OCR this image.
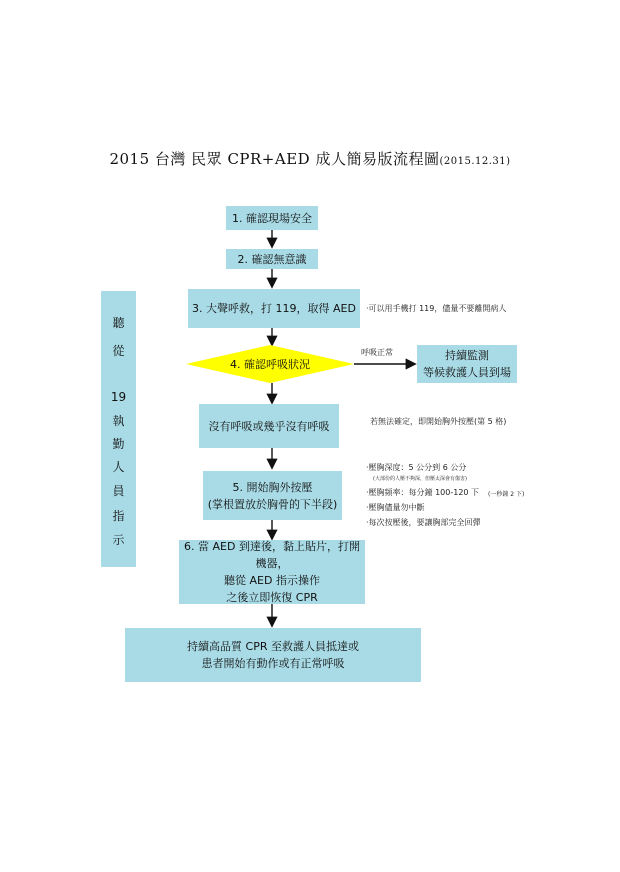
2015 台灣 民眾 CPR+AED 成人簡易版流程圖(2015.12.31)
1. 確認現場安全
2. 確認無意識
3. 大聲呼救，打 119，取得 AED
4. 確認呼吸狀況
持續監測
等候救護人員到場
沒有呼吸或幾乎沒有呼吸
5. 開始胸外按壓
(掌根置放於胸骨的下半段)
6. 當 AED 到達後，黏上貼片，打開機器，
聽從 AED 指示操作
之後立即恢復 CPR
持續高品質 CPR 至救護人員抵達或
患者開始有動作或有正常呼吸
聽
從
19
執
勤
人
員
指
示
呼吸正常
‧可以用手機打 119，儘量不要離開病人
若無法確定，即開始胸外按壓(第 5 格)
‧壓胸深度：5 公分到 6 公分
(大部份的人壓不夠深，但壓太深會有傷害)
‧壓胸頻率：每分鐘 100-120 下 (一秒鐘 2 下)
‧壓胸儘量勿中斷
‧每次按壓後，要讓胸部完全回彈
